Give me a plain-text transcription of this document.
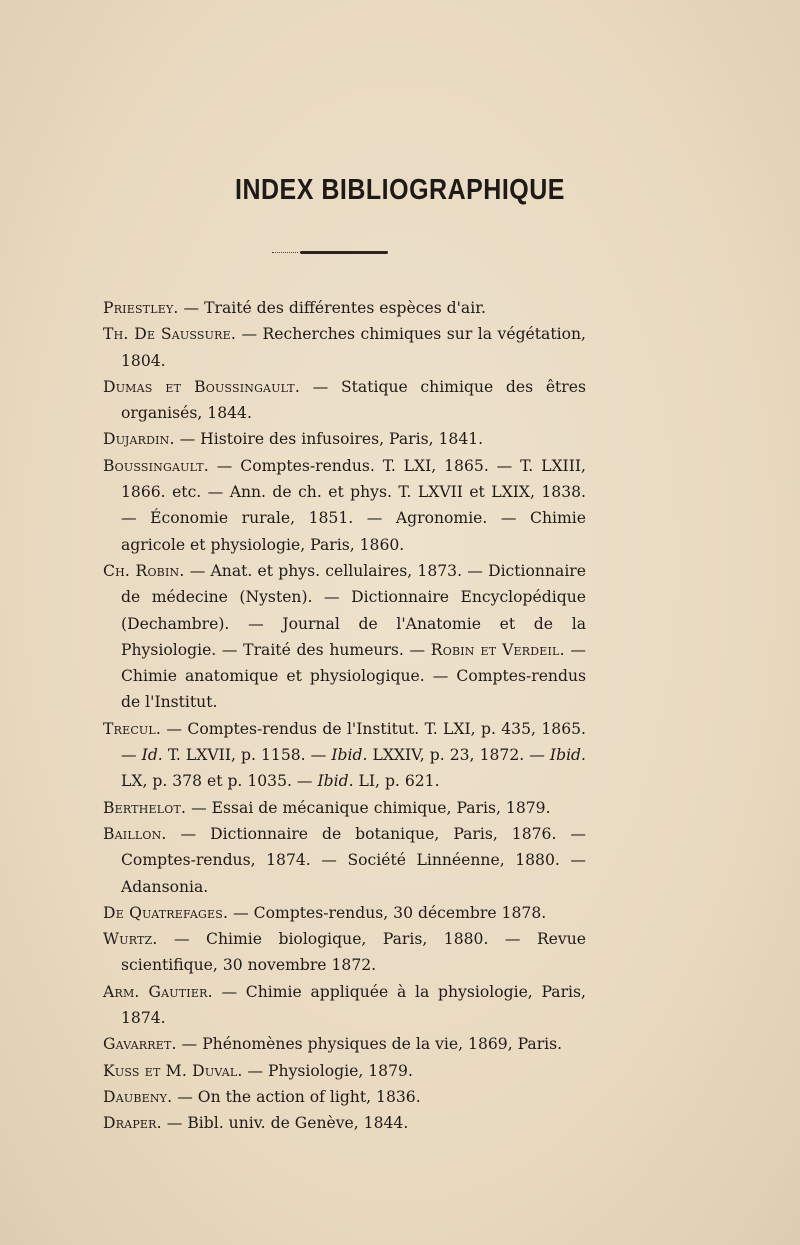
INDEX BIBLIOGRAPHIQUE
Priestley. — Traité des différentes espèces d'air.
Th. De Saussure. — Recherches chimiques sur la végétation, 1804.
Dumas et Boussingault. — Statique chimique des êtres organisés, 1844.
Dujardin. — Histoire des infusoires, Paris, 1841.
Boussingault. — Comptes-rendus. T. LXI, 1865. — T. LXIII, 1866. etc. — Ann. de ch. et phys. T. LXVII et LXIX, 1838. — Économie rurale, 1851. — Agronomie. — Chimie agricole et physiologie, Paris, 1860.
Ch. Robin. — Anat. et phys. cellulaires, 1873. — Dictionnaire de médecine (Nysten). — Dictionnaire Encyclopédique (Dechambre). — Journal de l'Anatomie et de la Physiologie. — Traité des humeurs. — Robin et Verdeil. — Chimie anatomique et physiologique. — Comptes-rendus de l'Institut.
Trecul. — Comptes-rendus de l'Institut. T. LXI, p. 435, 1865. — Id. T. LXVII, p. 1158. — Ibid. LXXIV, p. 23, 1872. — Ibid. LX, p. 378 et p. 1035. — Ibid. LI, p. 621.
Berthelot. — Essai de mécanique chimique, Paris, 1879.
Baillon. — Dictionnaire de botanique, Paris, 1876. — Comptes-rendus, 1874. — Société Linnéenne, 1880. — Adansonia.
De Quatrefages. — Comptes-rendus, 30 décembre 1878.
Wurtz. — Chimie biologique, Paris, 1880. — Revue scientifique, 30 novembre 1872.
Arm. Gautier. — Chimie appliquée à la physiologie, Paris, 1874.
Gavarret. — Phénomènes physiques de la vie, 1869, Paris.
Kuss et M. Duval. — Physiologie, 1879.
Daubeny. — On the action of light, 1836.
Draper. — Bibl. univ. de Genève, 1844.
